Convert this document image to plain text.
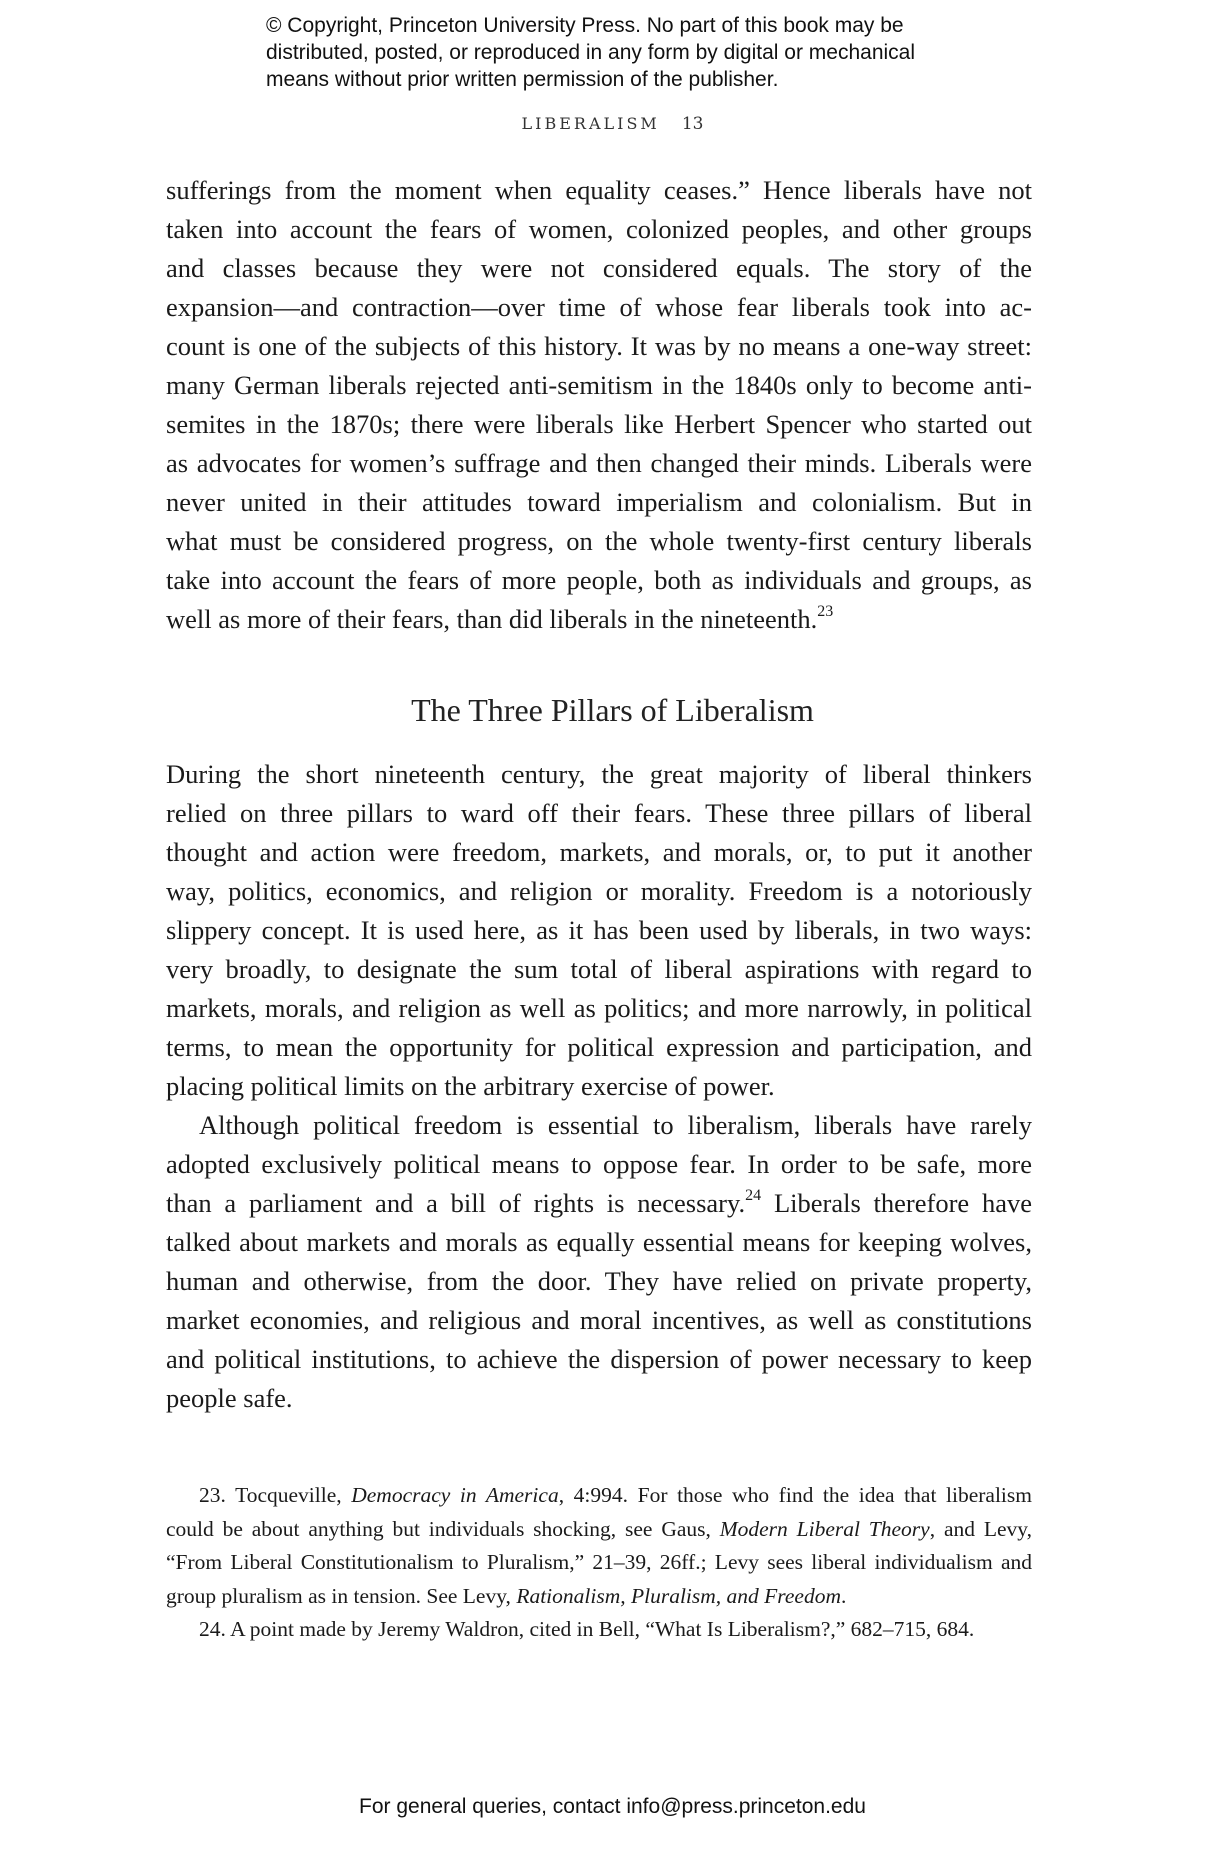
© Copyright, Princeton University Press. No part of this book may be
distributed, posted, or reproduced in any form by digital or mechanical
means without prior written permission of the publisher.
LIBERALISM 13
sufferings from the moment when equality ceases.” Hence liberals have not
taken into account the fears of women, colonized peoples, and other groups
and classes because they were not considered equals. The story of the
expansion—and contraction—over time of whose fear liberals took into ac-
count is one of the subjects of this history. It was by no means a one-way street:
many German liberals rejected anti-semitism in the 1840s only to become anti-
semites in the 1870s; there were liberals like Herbert Spencer who started out
as advocates for women’s suffrage and then changed their minds. Liberals were
never united in their attitudes toward imperialism and colonialism. But in
what must be considered progress, on the whole twenty-first century liberals
take into account the fears of more people, both as individuals and groups, as
well as more of their fears, than did liberals in the nineteenth.$^{23}$
The Three Pillars of Liberalism
During the short nineteenth century, the great majority of liberal thinkers
relied on three pillars to ward off their fears. These three pillars of liberal
thought and action were freedom, markets, and morals, or, to put it another
way, politics, economics, and religion or morality. Freedom is a notoriously
slippery concept. It is used here, as it has been used by liberals, in two ways:
very broadly, to designate the sum total of liberal aspirations with regard to
markets, morals, and religion as well as politics; and more narrowly, in political
terms, to mean the opportunity for political expression and participation, and
placing political limits on the arbitrary exercise of power.
Although political freedom is essential to liberalism, liberals have rarely
adopted exclusively political means to oppose fear. In order to be safe, more
than a parliament and a bill of rights is necessary.$^{24}$ Liberals therefore have
talked about markets and morals as equally essential means for keeping wolves,
human and otherwise, from the door. They have relied on private property,
market economies, and religious and moral incentives, as well as constitutions
and political institutions, to achieve the dispersion of power necessary to keep
people safe.
23. Tocqueville, Democracy in America, 4:994. For those who find the idea that liberalism
could be about anything but individuals shocking, see Gaus, Modern Liberal Theory, and Levy,
“From Liberal Constitutionalism to Pluralism,” 21–39, 26ff.; Levy sees liberal individualism and
group pluralism as in tension. See Levy, Rationalism, Pluralism, and Freedom.
24. A point made by Jeremy Waldron, cited in Bell, “What Is Liberalism?,” 682–715, 684.
For general queries, contact info@press.princeton.edu
